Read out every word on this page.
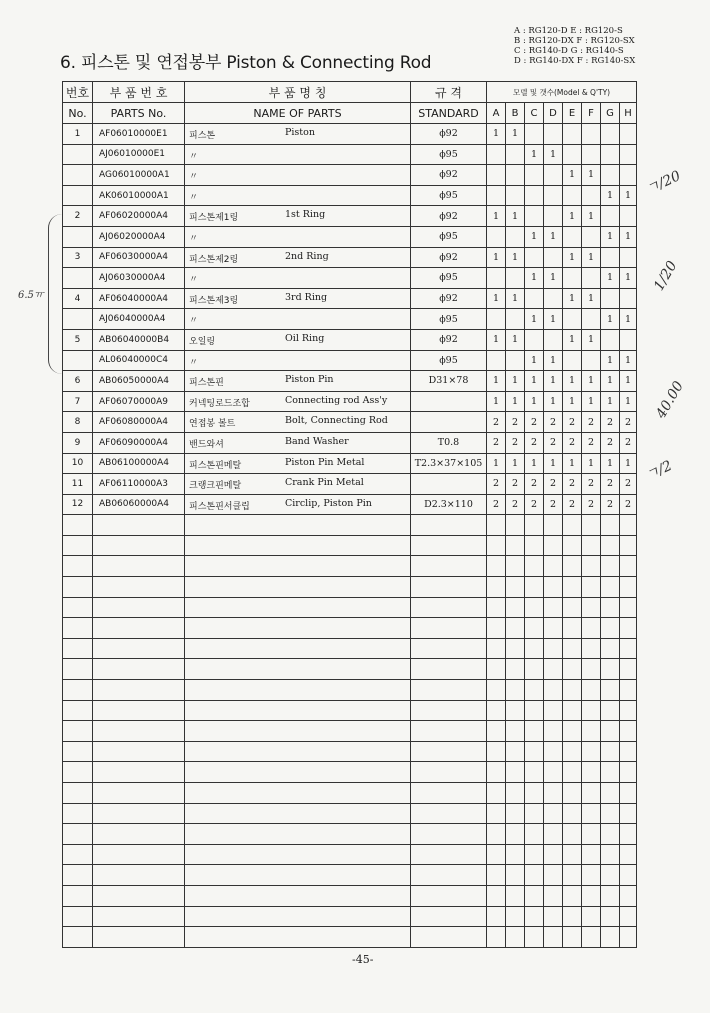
6. 피스톤 및 연접봉부 Piston & Connecting Rod
A : RG120-D E : RG120-S
B : RG120-DX F : RG120-SX
C : RG140-D G : RG140-S
D : RG140-DX F : RG140-SX
번호	부 품 번 호	부 품 명 칭	규 격	모델 및 갯수(Model & Q'TY)							
No.	PARTS No.	NAME OF PARTS	STANDARD	A	B	C	D	E	F	G	H
1	AF06010000E1	피스톤 Piston	ϕ92	1	1						
	AJ06010000E1	〃	ϕ95			1	1				
	AG06010000A1	〃	ϕ92					1	1		
	AK06010000A1	〃	ϕ95							1	1
2	AF06020000A4	피스톤제1링 1st Ring	ϕ92	1	1			1	1		
	AJ06020000A4	〃	ϕ95			1	1			1	1
3	AF06030000A4	피스톤제2링 2nd Ring	ϕ92	1	1			1	1		
	AJ06030000A4	〃	ϕ95			1	1			1	1
4	AF06040000A4	피스톤제3링 3rd Ring	ϕ92	1	1			1	1		
	AJ06040000A4	〃	ϕ95			1	1			1	1
5	AB06040000B4	오일링 Oil Ring	ϕ92	1	1			1	1		
	AL06040000C4	〃	ϕ95			1	1			1	1
6	AB06050000A4	피스톤핀 Piston Pin	D31×78	1	1	1	1	1	1	1	1
7	AF06070000A9	커넥팅로드조합 Connecting rod Ass'y		1	1	1	1	1	1	1	1
8	AF06080000A4	연접봉 볼트 Bolt, Connecting Rod		2	2	2	2	2	2	2	2
9	AF06090000A4	밴드와셔 Band Washer	T0.8	2	2	2	2	2	2	2	2
10	AB06100000A4	피스톤핀메탈 Piston Pin Metal	T2.3×37×105	1	1	1	1	1	1	1	1
11	AF06110000A3	크랭크핀메탈 Crank Pin Metal		2	2	2	2	2	2	2	2
12	AB06060000A4	피스톤핀서클립 Circlip, Piston Pin	D2.3×110	2	2	2	2	2	2	2	2

-45-
6.5ㅠ
ㄱ/20
1/20
40.00
ㄱ/2
